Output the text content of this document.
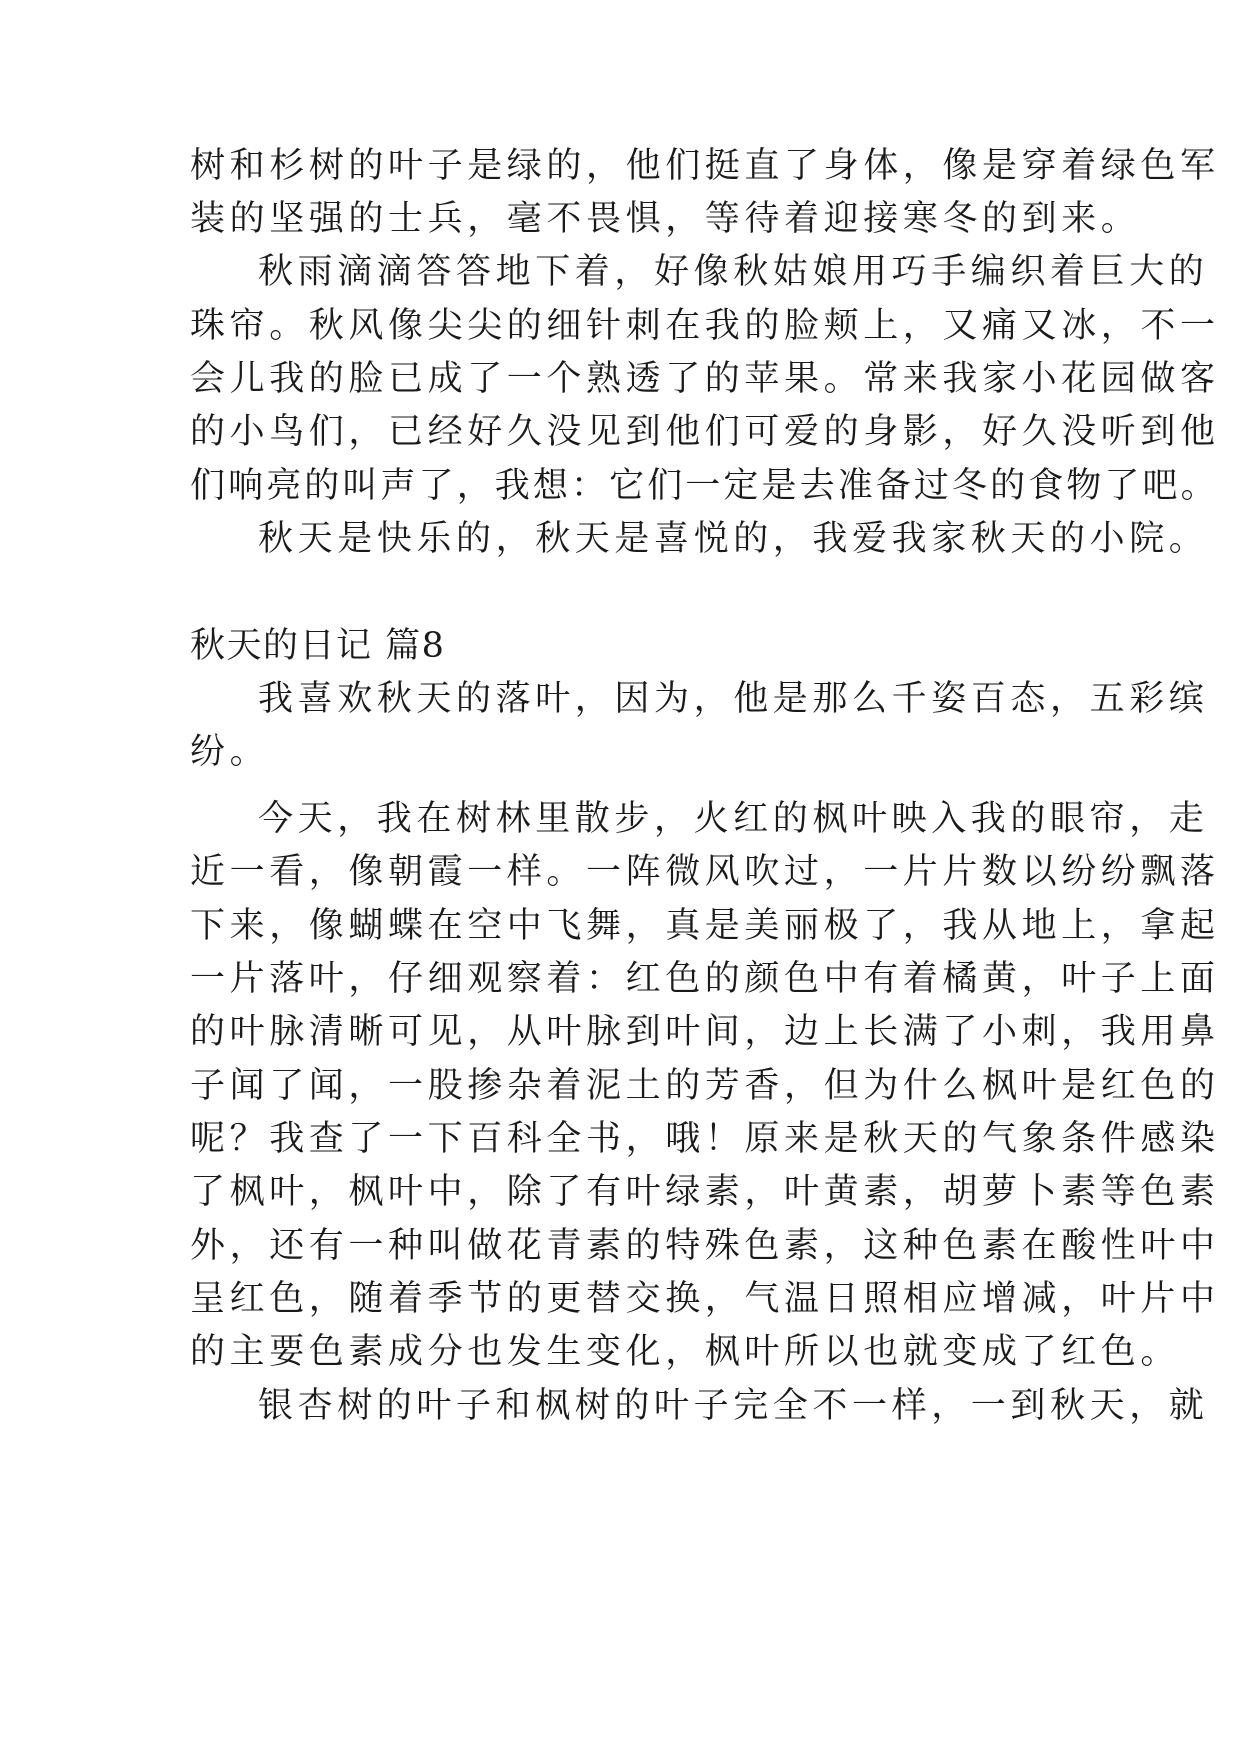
树和杉树的叶子是绿的，他们挺直了身体，像是穿着绿色军
装的坚强的士兵，毫不畏惧，等待着迎接寒冬的到来。
秋雨滴滴答答地下着，好像秋姑娘用巧手编织着巨大的
珠帘。秋风像尖尖的细针刺在我的脸颊上，又痛又冰，不一
会儿我的脸已成了一个熟透了的苹果。常来我家小花园做客
的小鸟们，已经好久没见到他们可爱的身影，好久没听到他
们响亮的叫声了，我想：它们一定是去准备过冬的食物了吧。
秋天是快乐的，秋天是喜悦的，我爱我家秋天的小院。
秋天的日记 篇8
我喜欢秋天的落叶，因为，他是那么千姿百态，五彩缤
纷。
今天，我在树林里散步，火红的枫叶映入我的眼帘，走
近一看，像朝霞一样。一阵微风吹过，一片片数以纷纷飘落
下来，像蝴蝶在空中飞舞，真是美丽极了，我从地上，拿起
一片落叶，仔细观察着：红色的颜色中有着橘黄，叶子上面
的叶脉清晰可见，从叶脉到叶间，边上长满了小刺，我用鼻
子闻了闻，一股掺杂着泥土的芳香，但为什么枫叶是红色的
呢？我查了一下百科全书，哦！原来是秋天的气象条件感染
了枫叶，枫叶中，除了有叶绿素，叶黄素，胡萝卜素等色素
外，还有一种叫做花青素的特殊色素，这种色素在酸性叶中
呈红色，随着季节的更替交换，气温日照相应增减，叶片中
的主要色素成分也发生变化，枫叶所以也就变成了红色。
银杏树的叶子和枫树的叶子完全不一样，一到秋天，就
